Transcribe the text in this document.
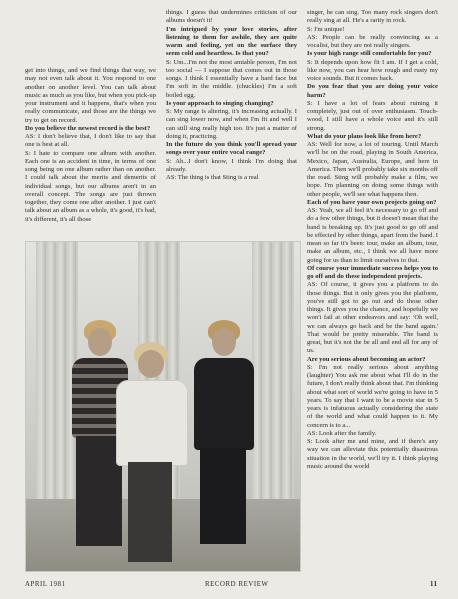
get into things, and we find things that way, we may not even talk about it. You respond to one another on another level. You can talk about music as much as you like, but when you pick-up your instrument and it happens, that's when you really communicate, and those are the things we try to get on record.

Do you believe the newest record is the best?

AS: I don't believe that, I don't like to say that one is best at all.

S: I hate to compare one album with another. Each one is an accident in time, in terms of one song being on one album rather than on another. I could talk about the merits and demerits of individual songs, but our albums aren't in an overall concept. The songs are just thrown together, they come one after another. I just can't talk about an album as a whole, it's good, it's bad, it's different, it's all those

things. I guess that undermines criticism of our albums doesn't it!

I'm intrigued by your love stories, after listening to them for awhile, they are quite warm and feeling, yet on the surface they seem cold and heartless. Is that you?

S: Um...I'm not the most amiable person, I'm not too social — I suppose that comes out in those songs. I think I essentially have a hard face but I'm soft in the middle. (chuckles) I'm a soft boiled egg.

Is your approach to singing changing?

S: My range is altering, it's increasing actually. I can sing lower now, and when I'm fit and well I can still sing really high too. It's just a matter of doing it, practicing.

In the future do you think you'll spread your songs over your entire vocal range?

S: Ah...I don't know, I think I'm doing that already.

AS: The thing is that Sting is a real

singer, he can sing. Too many rock singers don't really sing at all. He's a rarity in rock.

S: I'm unique!

AS: People can be really convincing as a vocalist, but they are not really singers.

Is your high range still comfortable for you?

S: It depends upon how fit I am. If I get a cold, like now, you can hear how rough and rusty my voice sounds. But it comes back.

Do you fear that you are doing your voice harm?

S: I have a lot of fears about ruining it completely, just out of over enthusiasm. Touch-wood, I still have a whole voice and it's still strong.

What do your plans look like from here?

AS: Well for now, a lot of touring. Until March we'll be on the road, playing in South America, Mexico, Japan, Australia, Europe, and here in America. Then we'll probably take six months off the road. Sting will probably make a film, we hope. I'm planning on doing some things with other people, we'll see what happens then.

Each of you have your own projects going on?

AS: Yeah, we all feel it's necessary to go off and do a few other things, but it doesn't mean that the band is breaking up. It's just good to go off and be effected by other things, apart from the band. I mean so far it's been: tour, make an album, tour, make an album, etc., I think we all have more going for us than to limit ourselves to that.

Of course your immediate success helps you to go off and do these independent projects.

AS: Of course, it gives you a platform to do those things. But it only gives you the platform, you've still got to go out and do those other things. It gives you the chance, and hopefully we won't fail at other endeavors and say: 'Oh well, we can always go back and be the band again.' That would be pretty miserable. The band is great, but it's not the be all and end all for any of us.

Are you serious about becoming an actor?

S: I'm not really serious about anything (laughter) You ask me about what I'll do in the future, I don't really think about that. I'm thinking about what sort of world we're going to have in 5 years. To say that I want to be a movie star in 5 years is infatuous actually considering the state of the world and what could happen to it. My concern is to a...

AS: Look after the family.

S: Look after me and mine, and if there's any way we can alleviate this potentially disastrous situation in the world, we'll try it. I think playing music around the world

APRIL 1981	RECORD REVIEW	11
